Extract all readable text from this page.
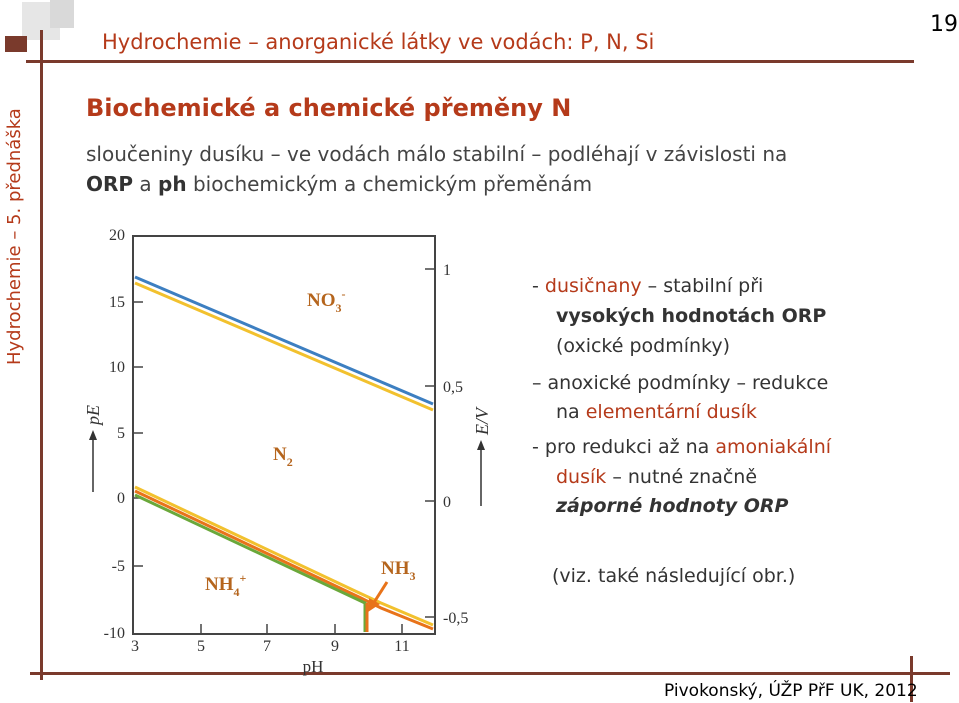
Hydrochemie – anorganické látky ve vodách: P, N, Si
19
Hydrochemie – 5. přednáška
Biochemické a chemické přeměny N
sloučeniny dusíku – ve vodách málo stabilní – podléhají v závislosti na
ORP a ph biochemickým a chemickým přeměnám
20
15
10
5
0
-5
-10
3	5	7	9	11
pH
1
0,5
0
-0,5
pE	E/V
$NO_3^-$
$N_2$
$NH_4^+$	$NH_3$
- dusičnany – stabilní při
vysokých hodnotách ORP
(oxické podmínky)
– anoxické podmínky – redukce
na elementární dusík
- pro redukci až na amoniakální
dusík – nutné značně
záporné hodnoty ORP
(viz. také následující obr.)
Pivokonský, ÚŽP PřF UK, 2012
